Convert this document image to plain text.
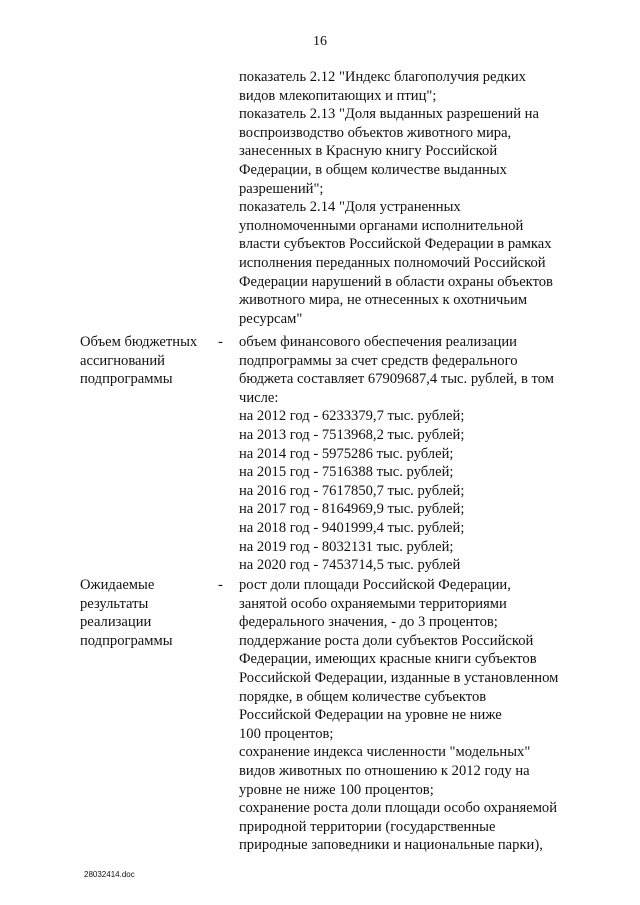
16
показатель 2.12 "Индекс благополучия редких
видов млекопитающих и птиц";
показатель 2.13 "Доля выданных разрешений на
воспроизводство объектов животного мира,
занесенных в Красную книгу Российской
Федерации, в общем количестве выданных
разрешений";
показатель 2.14 "Доля устраненных
уполномоченными органами исполнительной
власти субъектов Российской Федерации в рамках
исполнения переданных полномочий Российской
Федерации нарушений в области охраны объектов
животного мира, не отнесенных к охотничьим
ресурсам"
Объем бюджетных
ассигнований
подпрограммы
- объем финансового обеспечения реализации
подпрограммы за счет средств федерального
бюджета составляет 67909687,4 тыс. рублей, в том
числе:
на 2012 год - 6233379,7 тыс. рублей;
на 2013 год - 7513968,2 тыс. рублей;
на 2014 год - 5975286 тыс. рублей;
на 2015 год - 7516388 тыс. рублей;
на 2016 год - 7617850,7 тыс. рублей;
на 2017 год - 8164969,9 тыс. рублей;
на 2018 год - 9401999,4 тыс. рублей;
на 2019 год - 8032131 тыс. рублей;
на 2020 год - 7453714,5 тыс. рублей
Ожидаемые
результаты
реализации
подпрограммы
- рост доли площади Российской Федерации,
занятой особо охраняемыми территориями
федерального значения, - до 3 процентов;
поддержание роста доли субъектов Российской
Федерации, имеющих красные книги субъектов
Российской Федерации, изданные в установленном
порядке, в общем количестве субъектов
Российской Федерации на уровне не ниже
100 процентов;
сохранение индекса численности "модельных"
видов животных по отношению к 2012 году на
уровне не ниже 100 процентов;
сохранение роста доли площади особо охраняемой
природной территории (государственные
природные заповедники и национальные парки),
28032414.doc
